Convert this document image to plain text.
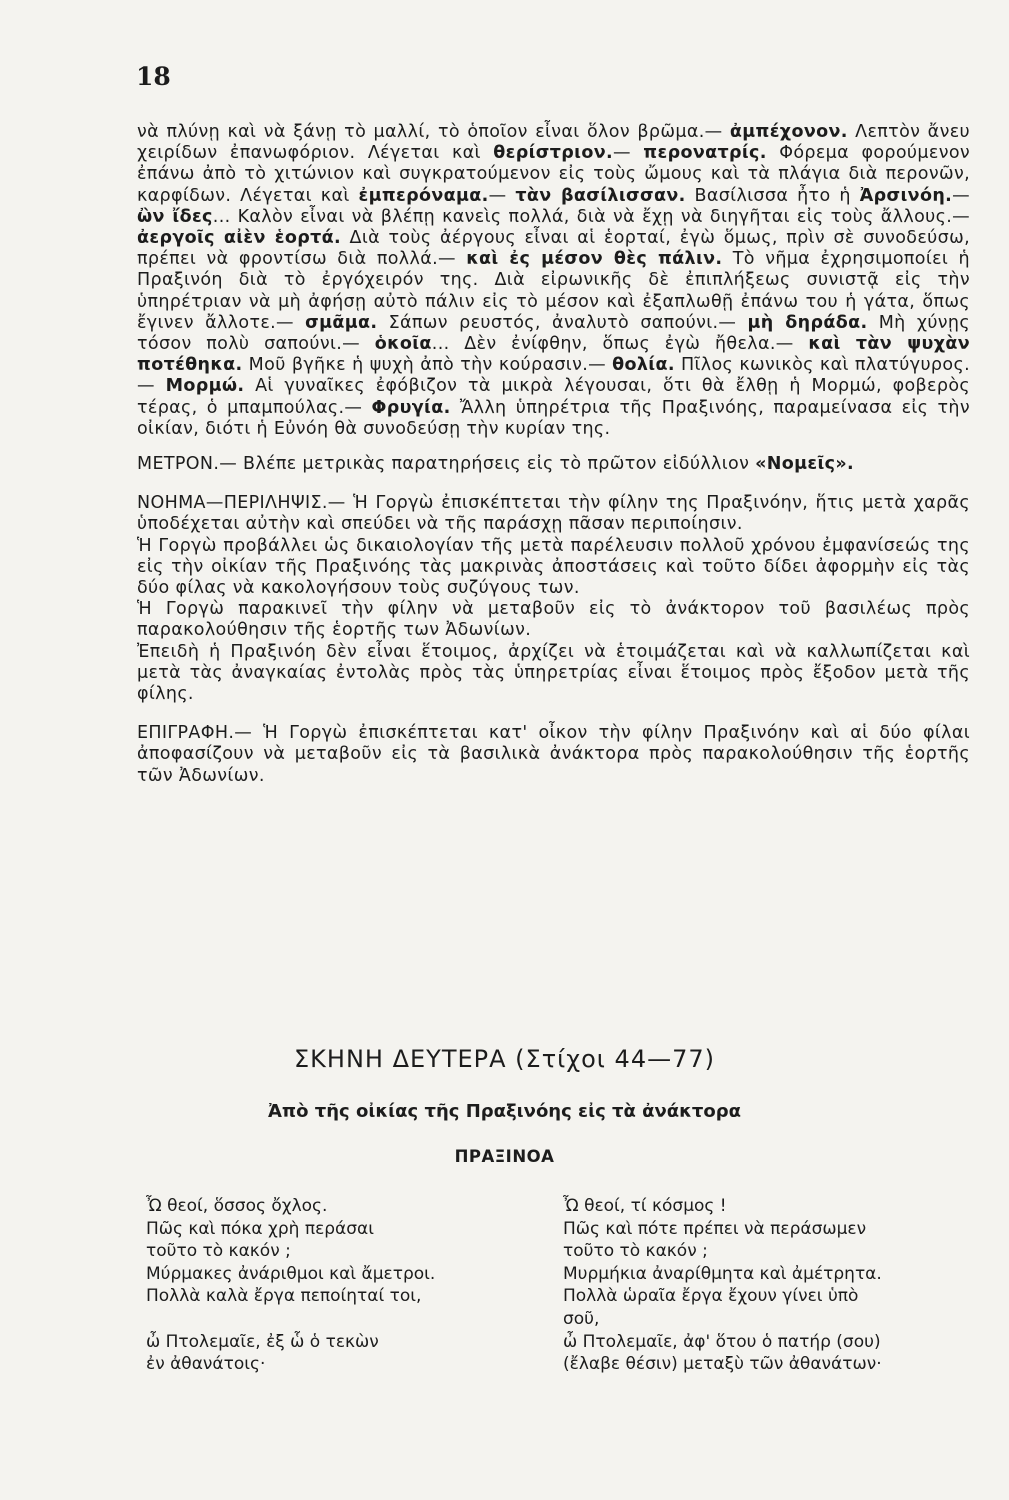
18

νὰ πλύνῃ καὶ νὰ ξάνῃ τὸ μαλλί, τὸ ὁποῖον εἶναι ὅλον βρῶμα.— ἀμπέχονον. Λεπτὸν ἄνευ χειρίδων ἐπανωφόριον. Λέγεται καὶ θερίστριον.— περονατρίς. Φόρεμα φορούμενον ἐπάνω ἀπὸ τὸ χιτώνιον καὶ συγκρατούμενον εἰς τοὺς ὤμους καὶ τὰ πλάγια διὰ περονῶν, καρφίδων. Λέγεται καὶ ἐμπερόναμα.— τὰν βασίλισσαν. Βασίλισσα ἦτο ἡ Ἀρσινόη.— ὢν ἴδες... Καλὸν εἶναι νὰ βλέπῃ κανεὶς πολλά, διὰ νὰ ἔχῃ νὰ διηγῆται εἰς τοὺς ἄλλους.— ἀεργοῖς αἰὲν ἑορτά. Διὰ τοὺς ἀέργους εἶναι αἱ ἑορταί, ἐγὼ ὅμως, πρὶν σὲ συνοδεύσω, πρέπει νὰ φροντίσω διὰ πολλά.— καὶ ἐς μέσον θὲς πάλιν. Τὸ νῆμα ἐχρησιμοποίει ἡ Πραξινόη διὰ τὸ ἐργόχειρόν της. Διὰ εἰρωνικῆς δὲ ἐπιπλήξεως συνιστᾷ εἰς τὴν ὑπηρέτριαν νὰ μὴ ἀφήσῃ αὐτὸ πάλιν εἰς τὸ μέσον καὶ ἐξαπλωθῇ ἐπάνω του ἡ γάτα, ὅπως ἔγινεν ἄλλοτε.— σμᾶμα. Σάπων ρευστός, ἀναλυτὸ σαπούνι.— μὴ δηράδα. Μὴ χύνῃς τόσον πολὺ σαπούνι.— ὁκοῖα... Δὲν ἐνίφθην, ὅπως ἐγὼ ἤθελα.— καὶ τὰν ψυχὰν ποτέθηκα. Μοῦ βγῆκε ἡ ψυχὴ ἀπὸ τὴν κούρασιν.— θολία. Πῖλος κωνικὸς καὶ πλατύγυρος.— Μορμώ. Αἱ γυναῖκες ἐφόβιζον τὰ μικρὰ λέγουσαι, ὅτι θὰ ἔλθῃ ἡ Μορμώ, φοβερὸς τέρας, ὁ μπαμπούλας.— Φρυγία. Ἄλλη ὑπηρέτρια τῆς Πραξινόης, παραμείνασα εἰς τὴν οἰκίαν, διότι ἡ Εὐνόη θὰ συνοδεύσῃ τὴν κυρίαν της.

ΜΕΤΡΟΝ.— Βλέπε μετρικὰς παρατηρήσεις εἰς τὸ πρῶτον εἰδύλλιον «Νομεῖς».

ΝΟΗΜΑ—ΠΕΡΙΛΗΨΙΣ.— Ἡ Γοργὼ ἐπισκέπτεται τὴν φίλην της Πραξινόην, ἥτις μετὰ χαρᾶς ὑποδέχεται αὐτὴν καὶ σπεύδει νὰ τῆς παράσχῃ πᾶσαν περιποίησιν.

Ἡ Γοργὼ προβάλλει ὡς δικαιολογίαν τῆς μετὰ παρέλευσιν πολλοῦ χρόνου ἐμφανίσεώς της εἰς τὴν οἰκίαν τῆς Πραξινόης τὰς μακρινὰς ἀποστάσεις καὶ τοῦτο δίδει ἀφορμὴν εἰς τὰς δύο φίλας νὰ κακολογήσουν τοὺς συζύγους των.

Ἡ Γοργὼ παρακινεῖ τὴν φίλην νὰ μεταβοῦν εἰς τὸ ἀνάκτορον τοῦ βασιλέως πρὸς παρακολούθησιν τῆς ἑορτῆς των Ἀδωνίων.

Ἐπειδὴ ἡ Πραξινόη δὲν εἶναι ἕτοιμος, ἀρχίζει νὰ ἑτοιμάζεται καὶ νὰ καλλωπίζεται καὶ μετὰ τὰς ἀναγκαίας ἐντολὰς πρὸς τὰς ὑπηρετρίας εἶναι ἕτοιμος πρὸς ἔξοδον μετὰ τῆς φίλης.

ΕΠΙΓΡΑΦΗ.— Ἡ Γοργὼ ἐπισκέπτεται κατ' οἶκον τὴν φίλην Πραξινόην καὶ αἱ δύο φίλαι ἀποφασίζουν νὰ μεταβοῦν εἰς τὰ βασιλικὰ ἀνάκτορα πρὸς παρακολούθησιν τῆς ἑορτῆς τῶν Ἀδωνίων.

ΣΚΗΝΗ ΔΕΥΤΕΡΑ (Στίχοι 44—77)
Ἀπὸ τῆς οἰκίας τῆς Πραξινόης εἰς τὰ ἀνάκτορα
ΠΡΑΞΙΝΟΑ
Ὦ θεοί, ὅσσος ὄχλος.
Πῶς καὶ πόκα χρὴ περάσαι
τοῦτο τὸ κακόν ;
Μύρμακες ἀνάριθμοι καὶ ἄμετροι.
Πολλὰ καλὰ ἔργα πεποίηταί τοι,

ὦ Πτολεμαῖε, ἐξ ὧ ὁ τεκὼν
ἐν ἀθανάτοις·
Ὦ θεοί, τί κόσμος !
Πῶς καὶ πότε πρέπει νὰ περάσωμεν
τοῦτο τὸ κακόν ;
Μυρμήκια ἀναρίθμητα καὶ ἀμέτρητα.
Πολλὰ ὡραῖα ἔργα ἔχουν γίνει ὑπὸ
σοῦ,
ὦ Πτολεμαῖε, ἀφ' ὅτου ὁ πατήρ (σου)
(ἔλαβε θέσιν) μεταξὺ τῶν ἀθανάτων·
